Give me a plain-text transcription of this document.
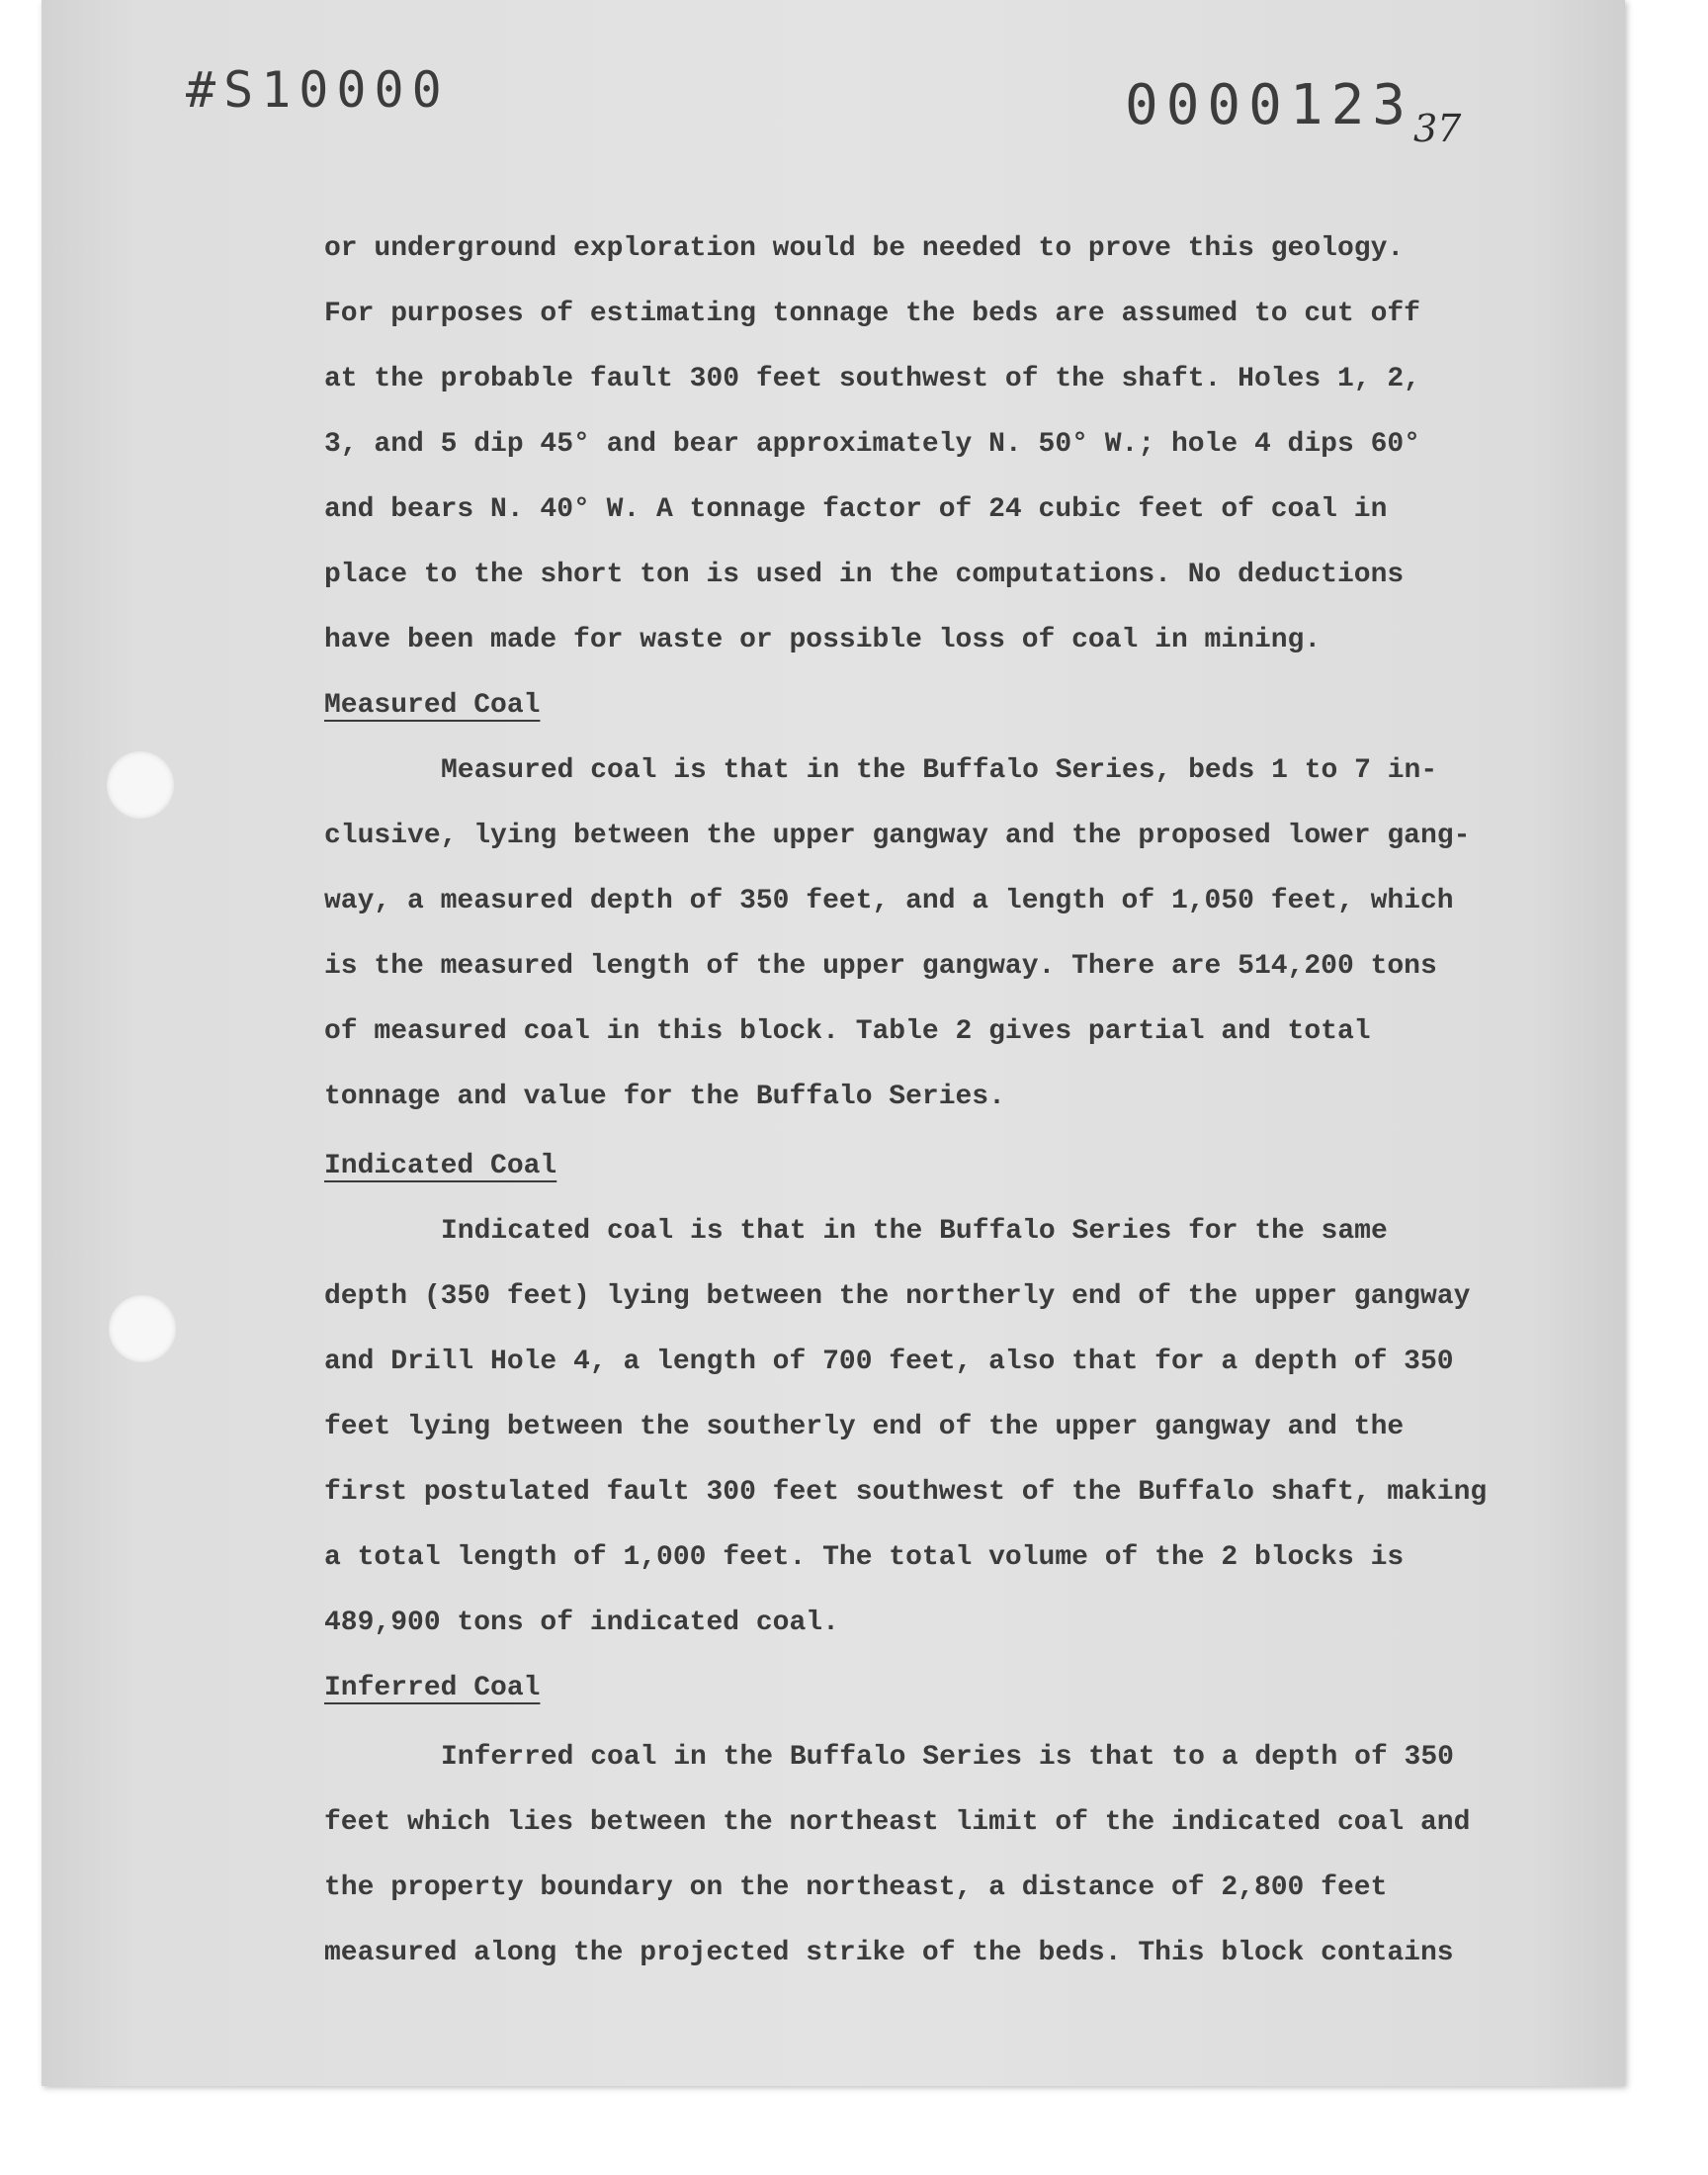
#S10000	0000123 37
or underground exploration would be needed to prove this geology.
For purposes of estimating tonnage the beds are assumed to cut off
at the probable fault 300 feet southwest of the shaft. Holes 1, 2,
3, and 5 dip 45° and bear approximately N. 50° W.; hole 4 dips 60°
and bears N. 40° W. A tonnage factor of 24 cubic feet of coal in
place to the short ton is used in the computations. No deductions
have been made for waste or possible loss of coal in mining.
Measured Coal
Measured coal is that in the Buffalo Series, beds 1 to 7 in-
clusive, lying between the upper gangway and the proposed lower gang-
way, a measured depth of 350 feet, and a length of 1,050 feet, which
is the measured length of the upper gangway. There are 514,200 tons
of measured coal in this block. Table 2 gives partial and total
tonnage and value for the Buffalo Series.
Indicated Coal
Indicated coal is that in the Buffalo Series for the same
depth (350 feet) lying between the northerly end of the upper gangway
and Drill Hole 4, a length of 700 feet, also that for a depth of 350
feet lying between the southerly end of the upper gangway and the
first postulated fault 300 feet southwest of the Buffalo shaft, making
a total length of 1,000 feet. The total volume of the 2 blocks is
489,900 tons of indicated coal.
Inferred Coal
Inferred coal in the Buffalo Series is that to a depth of 350
feet which lies between the northeast limit of the indicated coal and
the property boundary on the northeast, a distance of 2,800 feet
measured along the projected strike of the beds. This block contains
